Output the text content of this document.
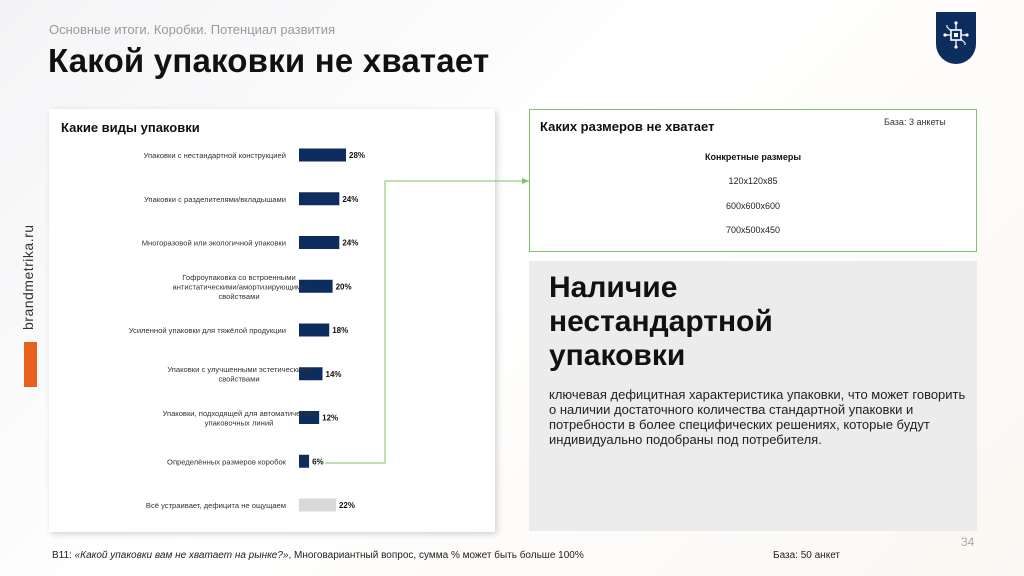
Основные итоги. Коробки. Потенциал развития
Какой упаковки не хватает
brandmetrika.ru
Какие виды упаковки
28%
Упаковки с нестандартной конструкцией
24%
Упаковки с разделителями/вкладышами
24%
Многоразовой или экологичной упаковки
20%
Гофроупаковка со встроенными антистатическими/амортизирующими свойствами
18%
Усиленной упаковки для тяжёлой продукции
14%
Упаковки с улучшенными эстетическими свойствами
12%
Упаковки, подходящей для автоматических упаковочных линий
6%
Определённых размеров коробок
22%
Всё устраивает, дефицита не ощущаем
Каких размеров не хватает	База: 3 анкеты
Конкретные размеры
120х120х85
600х600х600
700х500х450
Наличие нестандартной упаковки
ключевая дефицитная характеристика упаковки, что может говорить о наличии достаточного количества стандартной упаковки и потребности в более специфических решениях, которые будут индивидуально подобраны под потребителя.
34
B11: «Какой упаковки вам не хватает на рынке?», Многовариантный вопрос, сумма % может быть больше 100%	База: 50 анкет
